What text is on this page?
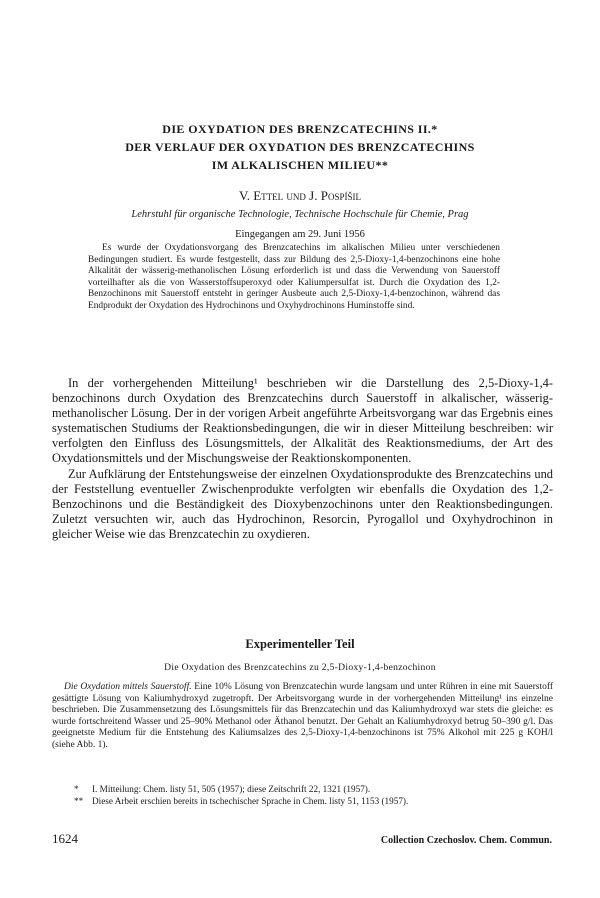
DIE OXYDATION DES BRENZCATECHINS II.*
DER VERLAUF DER OXYDATION DES BRENZCATECHINS
IM ALKALISCHEN MILIEU**
V. Ettel und J. Pospíšil
Lehrstuhl für organische Technologie, Technische Hochschule für Chemie, Prag
Eingegangen am 29. Juni 1956
Es wurde der Oxydationsvorgang des Brenzcatechins im alkalischen Milieu unter verschiedenen Bedingungen studiert. Es wurde festgestellt, dass zur Bildung des 2,5-Dioxy-1,4-benzochinons eine hohe Alkalität der wässerig-methanolischen Lösung erforderlich ist und dass die Verwendung von Sauerstoff vorteilhafter als die von Wasserstoffsuperoxyd oder Kaliumpersulfat ist. Durch die Oxydation des 1,2-Benzochinons mit Sauerstoff entsteht in geringer Ausbeute auch 2,5-Dioxy-1,4-benzochinon, während das Endprodukt der Oxydation des Hydrochinons und Oxyhydrochinons Huminstoffe sind.

In der vorhergehenden Mitteilung¹ beschrieben wir die Darstellung des 2,5-Dioxy-1,4-benzochinons durch Oxydation des Brenzcatechins durch Sauerstoff in alkalischer, wässerig-methanolischer Lösung. Der in der vorigen Arbeit angeführte Arbeitsvorgang war das Ergebnis eines systematischen Studiums der Reaktionsbedingungen, die wir in dieser Mitteilung beschreiben: wir verfolgten den Einfluss des Lösungsmittels, der Alkalität des Reaktionsmediums, der Art des Oxydationsmittels und der Mischungsweise der Reaktionskomponenten.

Zur Aufklärung der Entstehungsweise der einzelnen Oxydationsprodukte des Brenzcatechins und der Feststellung eventueller Zwischenprodukte verfolgten wir ebenfalls die Oxydation des 1,2-Benzochinons und die Beständigkeit des Dioxybenzochinons unter den Reaktionsbedingungen. Zuletzt versuchten wir, auch das Hydrochinon, Resorcin, Pyrogallol und Oxyhydrochinon in gleicher Weise wie das Brenzcatechin zu oxydieren.

Experimenteller Teil
Die Oxydation des Brenzcatechins zu 2,5-Dioxy-1,4-benzochinon
Die Oxydation mittels Sauerstoff. Eine 10% Lösung von Brenzcatechin wurde langsam und unter Rühren in eine mit Sauerstoff gesättigte Lösung von Kaliumhydroxyd zugetropft. Der Arbeitsvorgang wurde in der vorhergehenden Mitteilung¹ ins einzelne beschrieben. Die Zusammensetzung des Lösungsmittels für das Brenzcatechin und das Kaliumhydroxyd war stets die gleiche: es wurde fortschreitend Wasser und 25–90% Methanol oder Äthanol benutzt. Der Gehalt an Kaliumhydroxyd betrug 50–390 g/l. Das geeignetste Medium für die Entstehung des Kaliumsalzes des 2,5-Dioxy-1,4-benzochinons ist 75% Alkohol mit 225 g KOH/l (siehe Abb. 1).
* I. Mitteilung: Chem. listy 51, 505 (1957); diese Zeitschrift 22, 1321 (1957).
** Diese Arbeit erschien bereits in tschechischer Sprache in Chem. listy 51, 1153 (1957).
1624	Collection Czechoslov. Chem. Commun.
